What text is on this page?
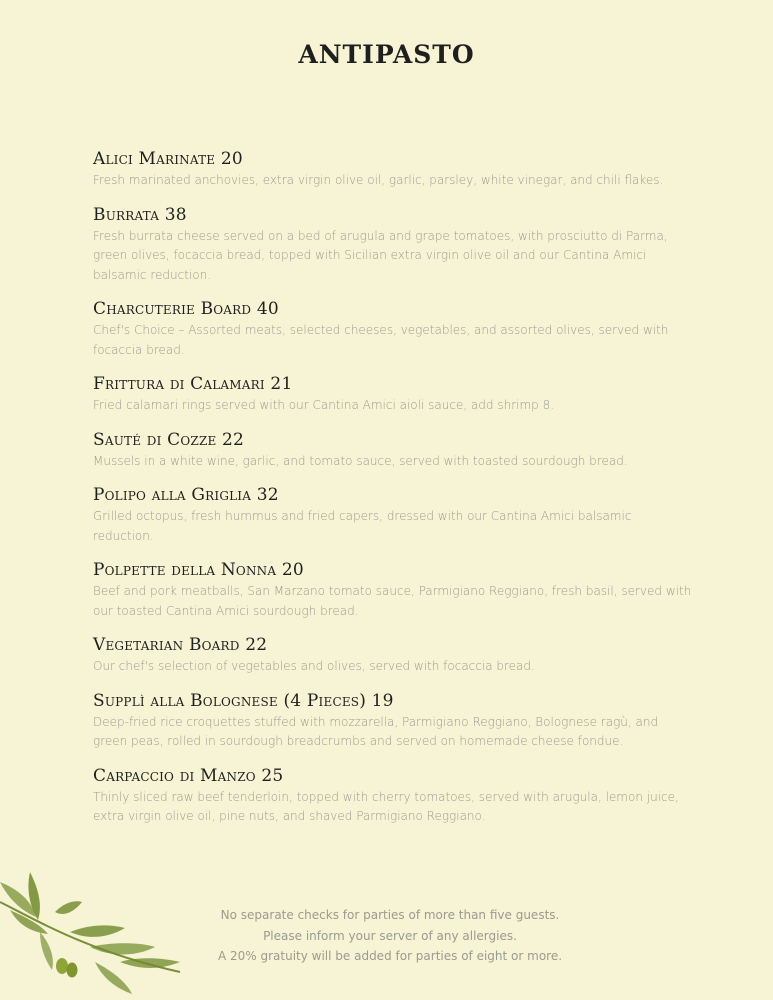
ANTIPASTO
Alici Marinate 20
Fresh marinated anchovies, extra virgin olive oil, garlic, parsley, white vinegar, and chili flakes.
Burrata 38
Fresh burrata cheese served on a bed of arugula and grape tomatoes, with prosciutto di Parma, green olives, focaccia bread, topped with Sicilian extra virgin olive oil and our Cantina Amici balsamic reduction.
Charcuterie Board 40
Chef's Choice – Assorted meats, selected cheeses, vegetables, and assorted olives, served with focaccia bread.
Frittura di Calamari 21
Fried calamari rings served with our Cantina Amici aioli sauce, add shrimp 8.
Sauté di Cozze 22
Mussels in a white wine, garlic, and tomato sauce, served with toasted sourdough bread.
Polipo alla Griglia 32
Grilled octopus, fresh hummus and fried capers, dressed with our Cantina Amici balsamic reduction.
Polpette della Nonna 20
Beef and pork meatballs, San Marzano tomato sauce, Parmigiano Reggiano, fresh basil, served with our toasted Cantina Amici sourdough bread.
Vegetarian Board 22
Our chef's selection of vegetables and olives, served with focaccia bread.
Supplì alla Bolognese (4 Pieces) 19
Deep-fried rice croquettes stuffed with mozzarella, Parmigiano Reggiano, Bolognese ragù, and green peas, rolled in sourdough breadcrumbs and served on homemade cheese fondue.
Carpaccio di Manzo 25
Thinly sliced raw beef tenderloin, topped with cherry tomatoes, served with arugula, lemon juice, extra virgin olive oil, pine nuts, and shaved Parmigiano Reggiano.
No separate checks for parties of more than five guests.
Please inform your server of any allergies.
A 20% gratuity will be added for parties of eight or more.
